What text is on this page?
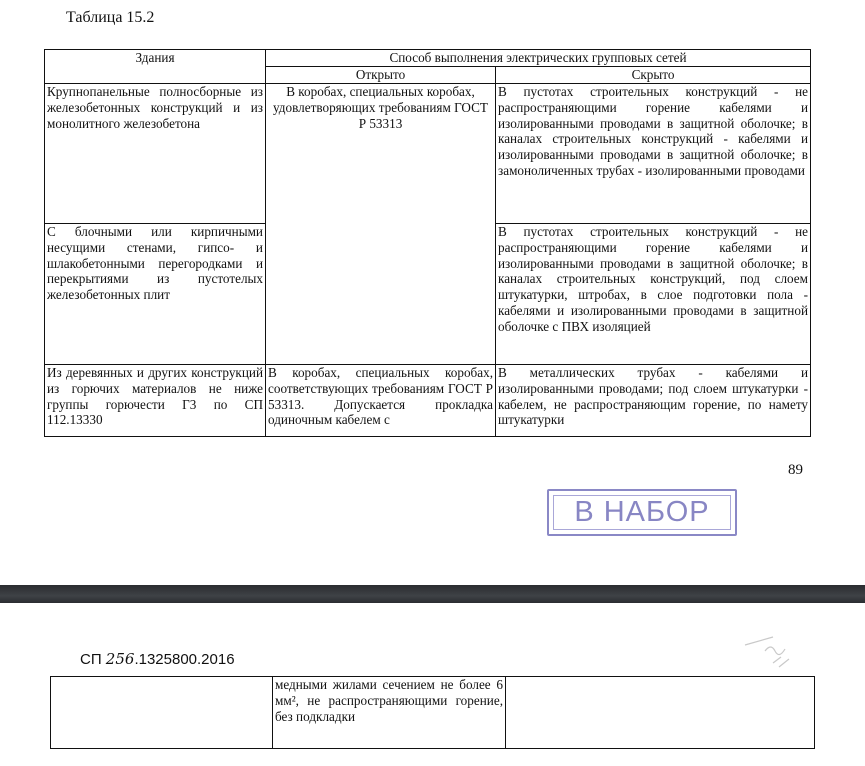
Таблица 15.2
Здания	Способ выполнения электрических групповых сетей	
	Открыто	Скрыто
Крупнопанельные полносборные из железобетонных конструкций и из монолитного железобетона	В коробах, специальных коробах, удовлетворяющих требованиям ГОСТ Р 53313	В пустотах строительных конструкций - не распространяющими горение кабелями и изолированными проводами в защитной оболочке; в каналах строительных конструкций - кабелями и изолированными проводами в защитной оболочке; в замоноличенных трубах - изолированными проводами
С блочными или кирпичными несущими стенами, гипсо- и шлакобетонными перегородками и перекрытиями из пустотелых железобетонных плит		В пустотах строительных конструкций - не распространяющими горение кабелями и изолированными проводами в защитной оболочке; в каналах строительных конструкций, под слоем штукатурки, штробах, в слое подготовки пола - кабелями и изолированными проводами в защитной оболочке с ПВХ изоляцией
Из деревянных и других конструкций из горючих материалов не ниже группы горючести Г3 по СП 112.13330	В коробах, специальных коробах, соответствующих требованиям ГОСТ Р 53313. Допускается прокладка одиночным кабелем с	В металлических трубах - кабелями и изолированными проводами; под слоем штукатурки - кабелем, не распространяющим горение, по намету штукатурки
89
В НАБОР
СП 256.1325800.2016
	медными жилами сечением не более 6 мм², не распространяющими горение, без подкладки	
